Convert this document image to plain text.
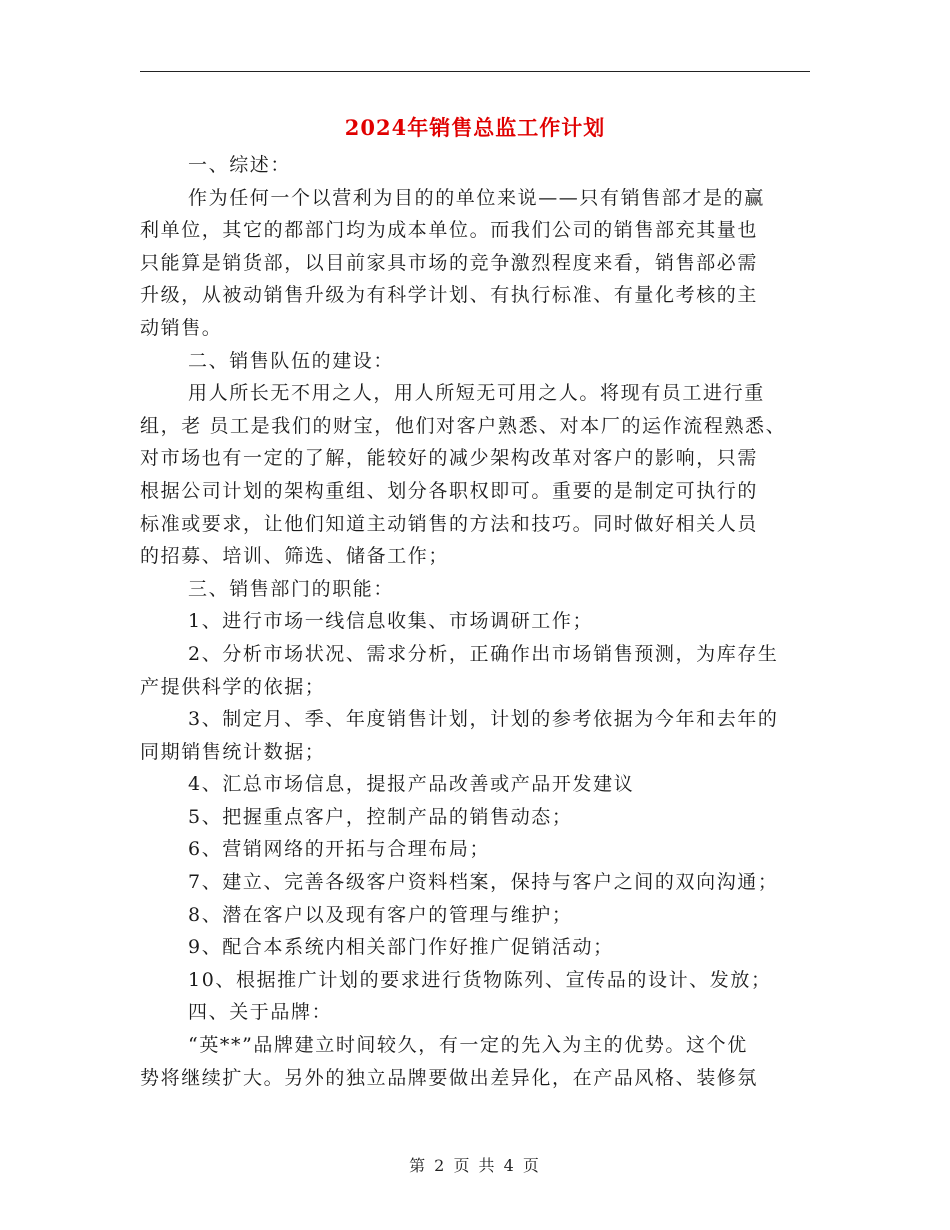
2024年销售总监工作计划
一、综述：
作为任何一个以营利为目的的单位来说——只有销售部才是的赢
利单位，其它的都部门均为成本单位。而我们公司的销售部充其量也
只能算是销货部，以目前家具市场的竞争激烈程度来看，销售部必需
升级，从被动销售升级为有科学计划、有执行标准、有量化考核的主
动销售。
二、销售队伍的建设：
用人所长无不用之人，用人所短无可用之人。将现有员工进行重
组，老 员工是我们的财宝，他们对客户熟悉、对本厂的运作流程熟悉、
对市场也有一定的了解，能较好的减少架构改革对客户的影响，只需
根据公司计划的架构重组、划分各职权即可。重要的是制定可执行的
标准或要求，让他们知道主动销售的方法和技巧。同时做好相关人员
的招募、培训、筛选、储备工作；
三、销售部门的职能：
1、进行市场一线信息收集、市场调研工作；
2、分析市场状况、需求分析，正确作出市场销售预测，为库存生
产提供科学的依据；
3、制定月、季、年度销售计划，计划的参考依据为今年和去年的
同期销售统计数据；
4、汇总市场信息，提报产品改善或产品开发建议
5、把握重点客户，控制产品的销售动态；
6、营销网络的开拓与合理布局；
7、建立、完善各级客户资料档案，保持与客户之间的双向沟通；
8、潜在客户以及现有客户的管理与维护；
9、配合本系统内相关部门作好推广促销活动；
10、根据推广计划的要求进行货物陈列、宣传品的设计、发放；
四、关于品牌：
“英**”品牌建立时间较久，有一定的先入为主的优势。这个优
势将继续扩大。另外的独立品牌要做出差异化，在产品风格、装修氛
第 2 页 共 4 页
